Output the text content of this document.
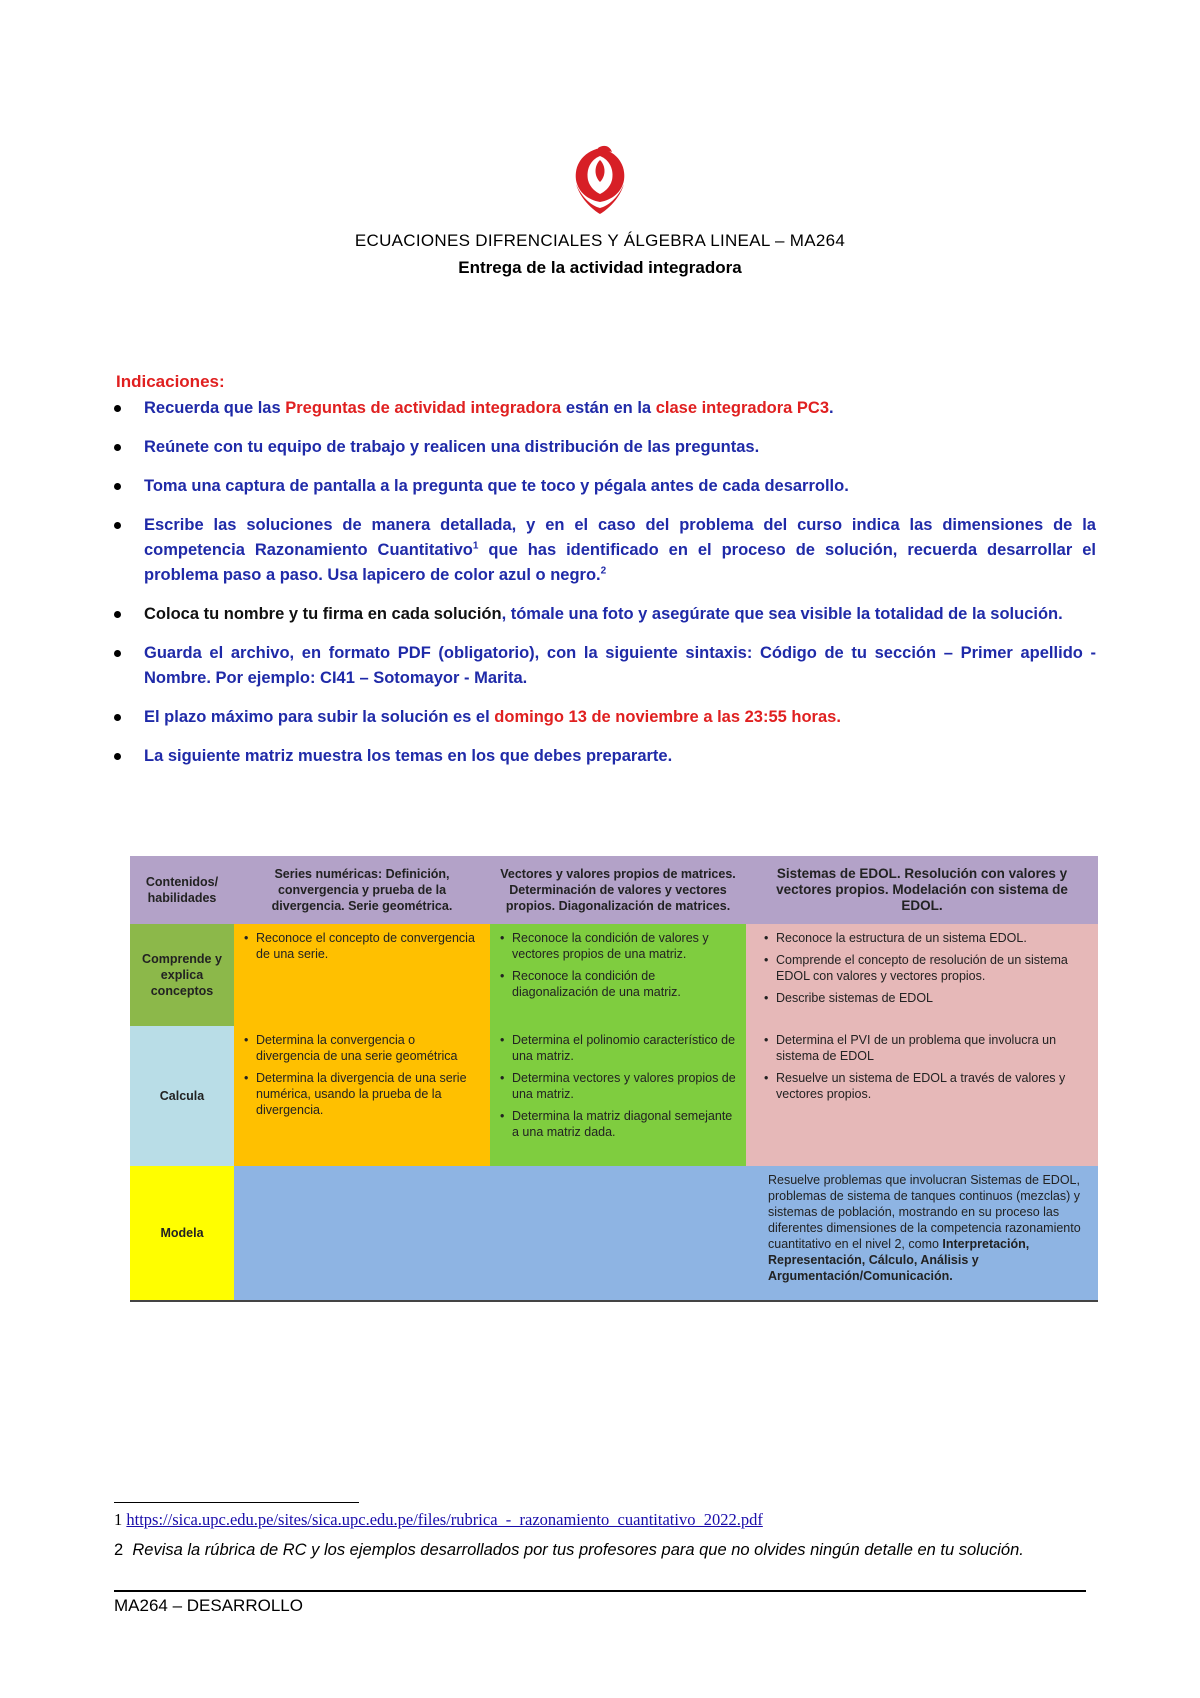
ECUACIONES DIFRENCIALES Y ÁLGEBRA LINEAL – MA264
Entrega de la actividad integradora
Indicaciones:
Recuerda que las Preguntas de actividad integradora están en la clase integradora PC3.
Reúnete con tu equipo de trabajo y realicen una distribución de las preguntas.
Toma una captura de pantalla a la pregunta que te toco y pégala antes de cada desarrollo.
Escribe las soluciones de manera detallada, y en el caso del problema del curso indica las dimensiones de la competencia Razonamiento Cuantitativo$^1$ que has identificado en el proceso de solución, recuerda desarrollar el problema paso a paso. Usa lapicero de color azul o negro.$^2$
Coloca tu nombre y tu firma en cada solución, tómale una foto y asegúrate que sea visible la totalidad de la solución.
Guarda el archivo, en formato PDF (obligatorio), con la siguiente sintaxis: Código de tu sección – Primer apellido - Nombre. Por ejemplo: CI41 – Sotomayor - Marita.
El plazo máximo para subir la solución es el domingo 13 de noviembre a las 23:55 horas.
La siguiente matriz muestra los temas en los que debes prepararte.
Contenidos/ habilidades
Series numéricas: Definición, convergencia y prueba de la divergencia. Serie geométrica.
Vectores y valores propios de matrices. Determinación de valores y vectores propios. Diagonalización de matrices.
Sistemas de EDOL. Resolución con valores y vectores propios. Modelación con sistema de EDOL.
Comprende y explica conceptos
• Reconoce el concepto de convergencia de una serie.
• Reconoce la condición de valores y vectores propios de una matriz.
• Reconoce la condición de diagonalización de una matriz.
• Reconoce la estructura de un sistema EDOL.
• Comprende el concepto de resolución de un sistema EDOL con valores y vectores propios.
• Describe sistemas de EDOL
Calcula
• Determina la convergencia o divergencia de una serie geométrica
• Determina la divergencia de una serie numérica, usando la prueba de la divergencia.
• Determina el polinomio característico de una matriz.
• Determina vectores y valores propios de una matriz.
• Determina la matriz diagonal semejante a una matriz dada.
• Determina el PVI de un problema que involucra un sistema de EDOL
• Resuelve un sistema de EDOL a través de valores y vectores propios.
Modela
Resuelve problemas que involucran Sistemas de EDOL, problemas de sistema de tanques continuos (mezclas) y sistemas de población, mostrando en su proceso las diferentes dimensiones de la competencia razonamiento cuantitativo en el nivel 2, como Interpretación, Representación, Cálculo, Análisis y Argumentación/Comunicación.
1 https://sica.upc.edu.pe/sites/sica.upc.edu.pe/files/rubrica_-_razonamiento_cuantitativo_2022.pdf
2 Revisa la rúbrica de RC y los ejemplos desarrollados por tus profesores para que no olvides ningún detalle en tu solución.
MA264 – DESARROLLO
